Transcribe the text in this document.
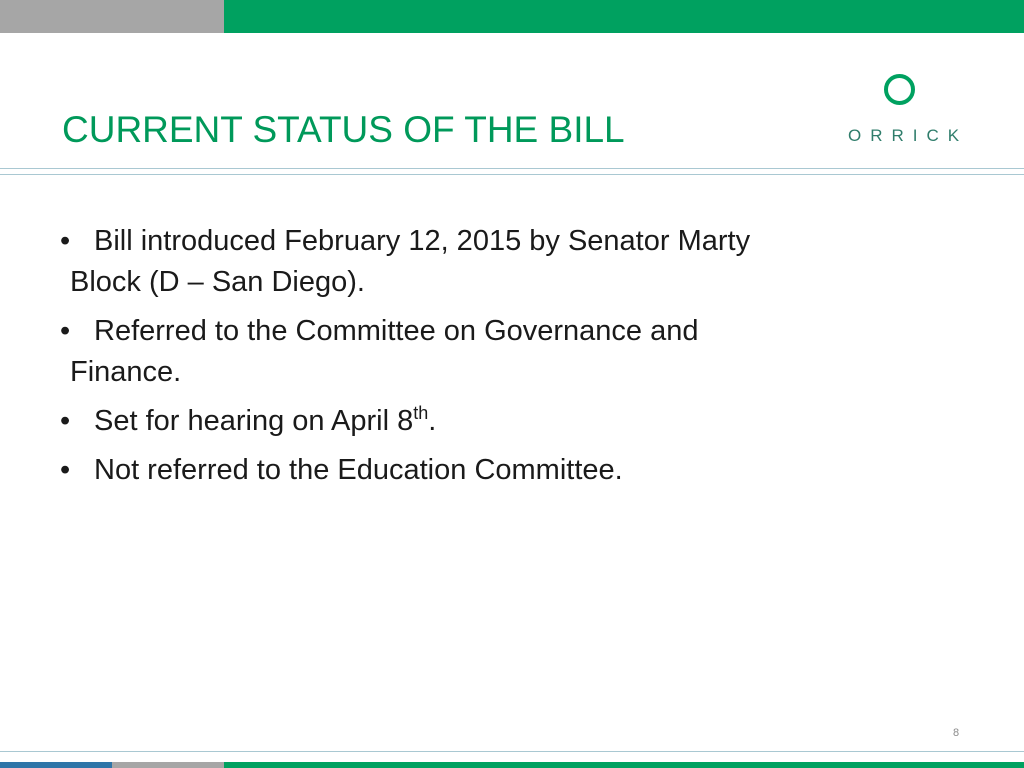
CURRENT STATUS OF THE BILL	ORRICK
• Bill introduced February 12, 2015 by Senator Marty
Block (D – San Diego).
• Referred to the Committee on Governance and
Finance.
• Set for hearing on April 8th.
• Not referred to the Education Committee.
8
